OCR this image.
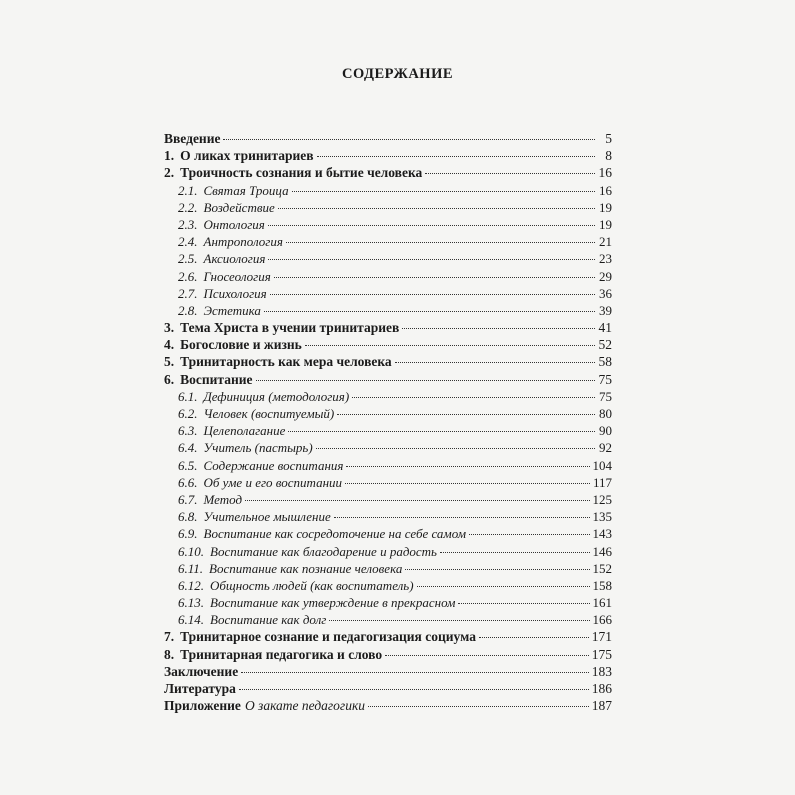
СОДЕРЖАНИЕ
Введение	5
1. О ликах тринитариев	8
2. Троичность сознания и бытие человека	16
2.1. Святая Троица	16
2.2. Воздействие	19
2.3. Онтология	19
2.4. Антропология	21
2.5. Аксиология	23
2.6. Гносеология	29
2.7. Психология	36
2.8. Эстетика	39
3. Тема Христа в учении тринитариев	41
4. Богословие и жизнь	52
5. Тринитарность как мера человека	58
6. Воспитание	75
6.1. Дефиниция (методология)	75
6.2. Человек (воспитуемый)	80
6.3. Целеполагание	90
6.4. Учитель (пастырь)	92
6.5. Содержание воспитания	104
6.6. Об уме и его воспитании	117
6.7. Метод	125
6.8. Учительное мышление	135
6.9. Воспитание как сосредоточение на себе самом	143
6.10. Воспитание как благодарение и радость	146
6.11. Воспитание как познание человека	152
6.12. Общность людей (как воспитатель)	158
6.13. Воспитание как утверждение в прекрасном	161
6.14. Воспитание как долг	166
7. Тринитарное сознание и педагогизация социума	171
8. Тринитарная педагогика и слово	175
Заключение	183
Литература	186
Приложение О закате педагогики	187
